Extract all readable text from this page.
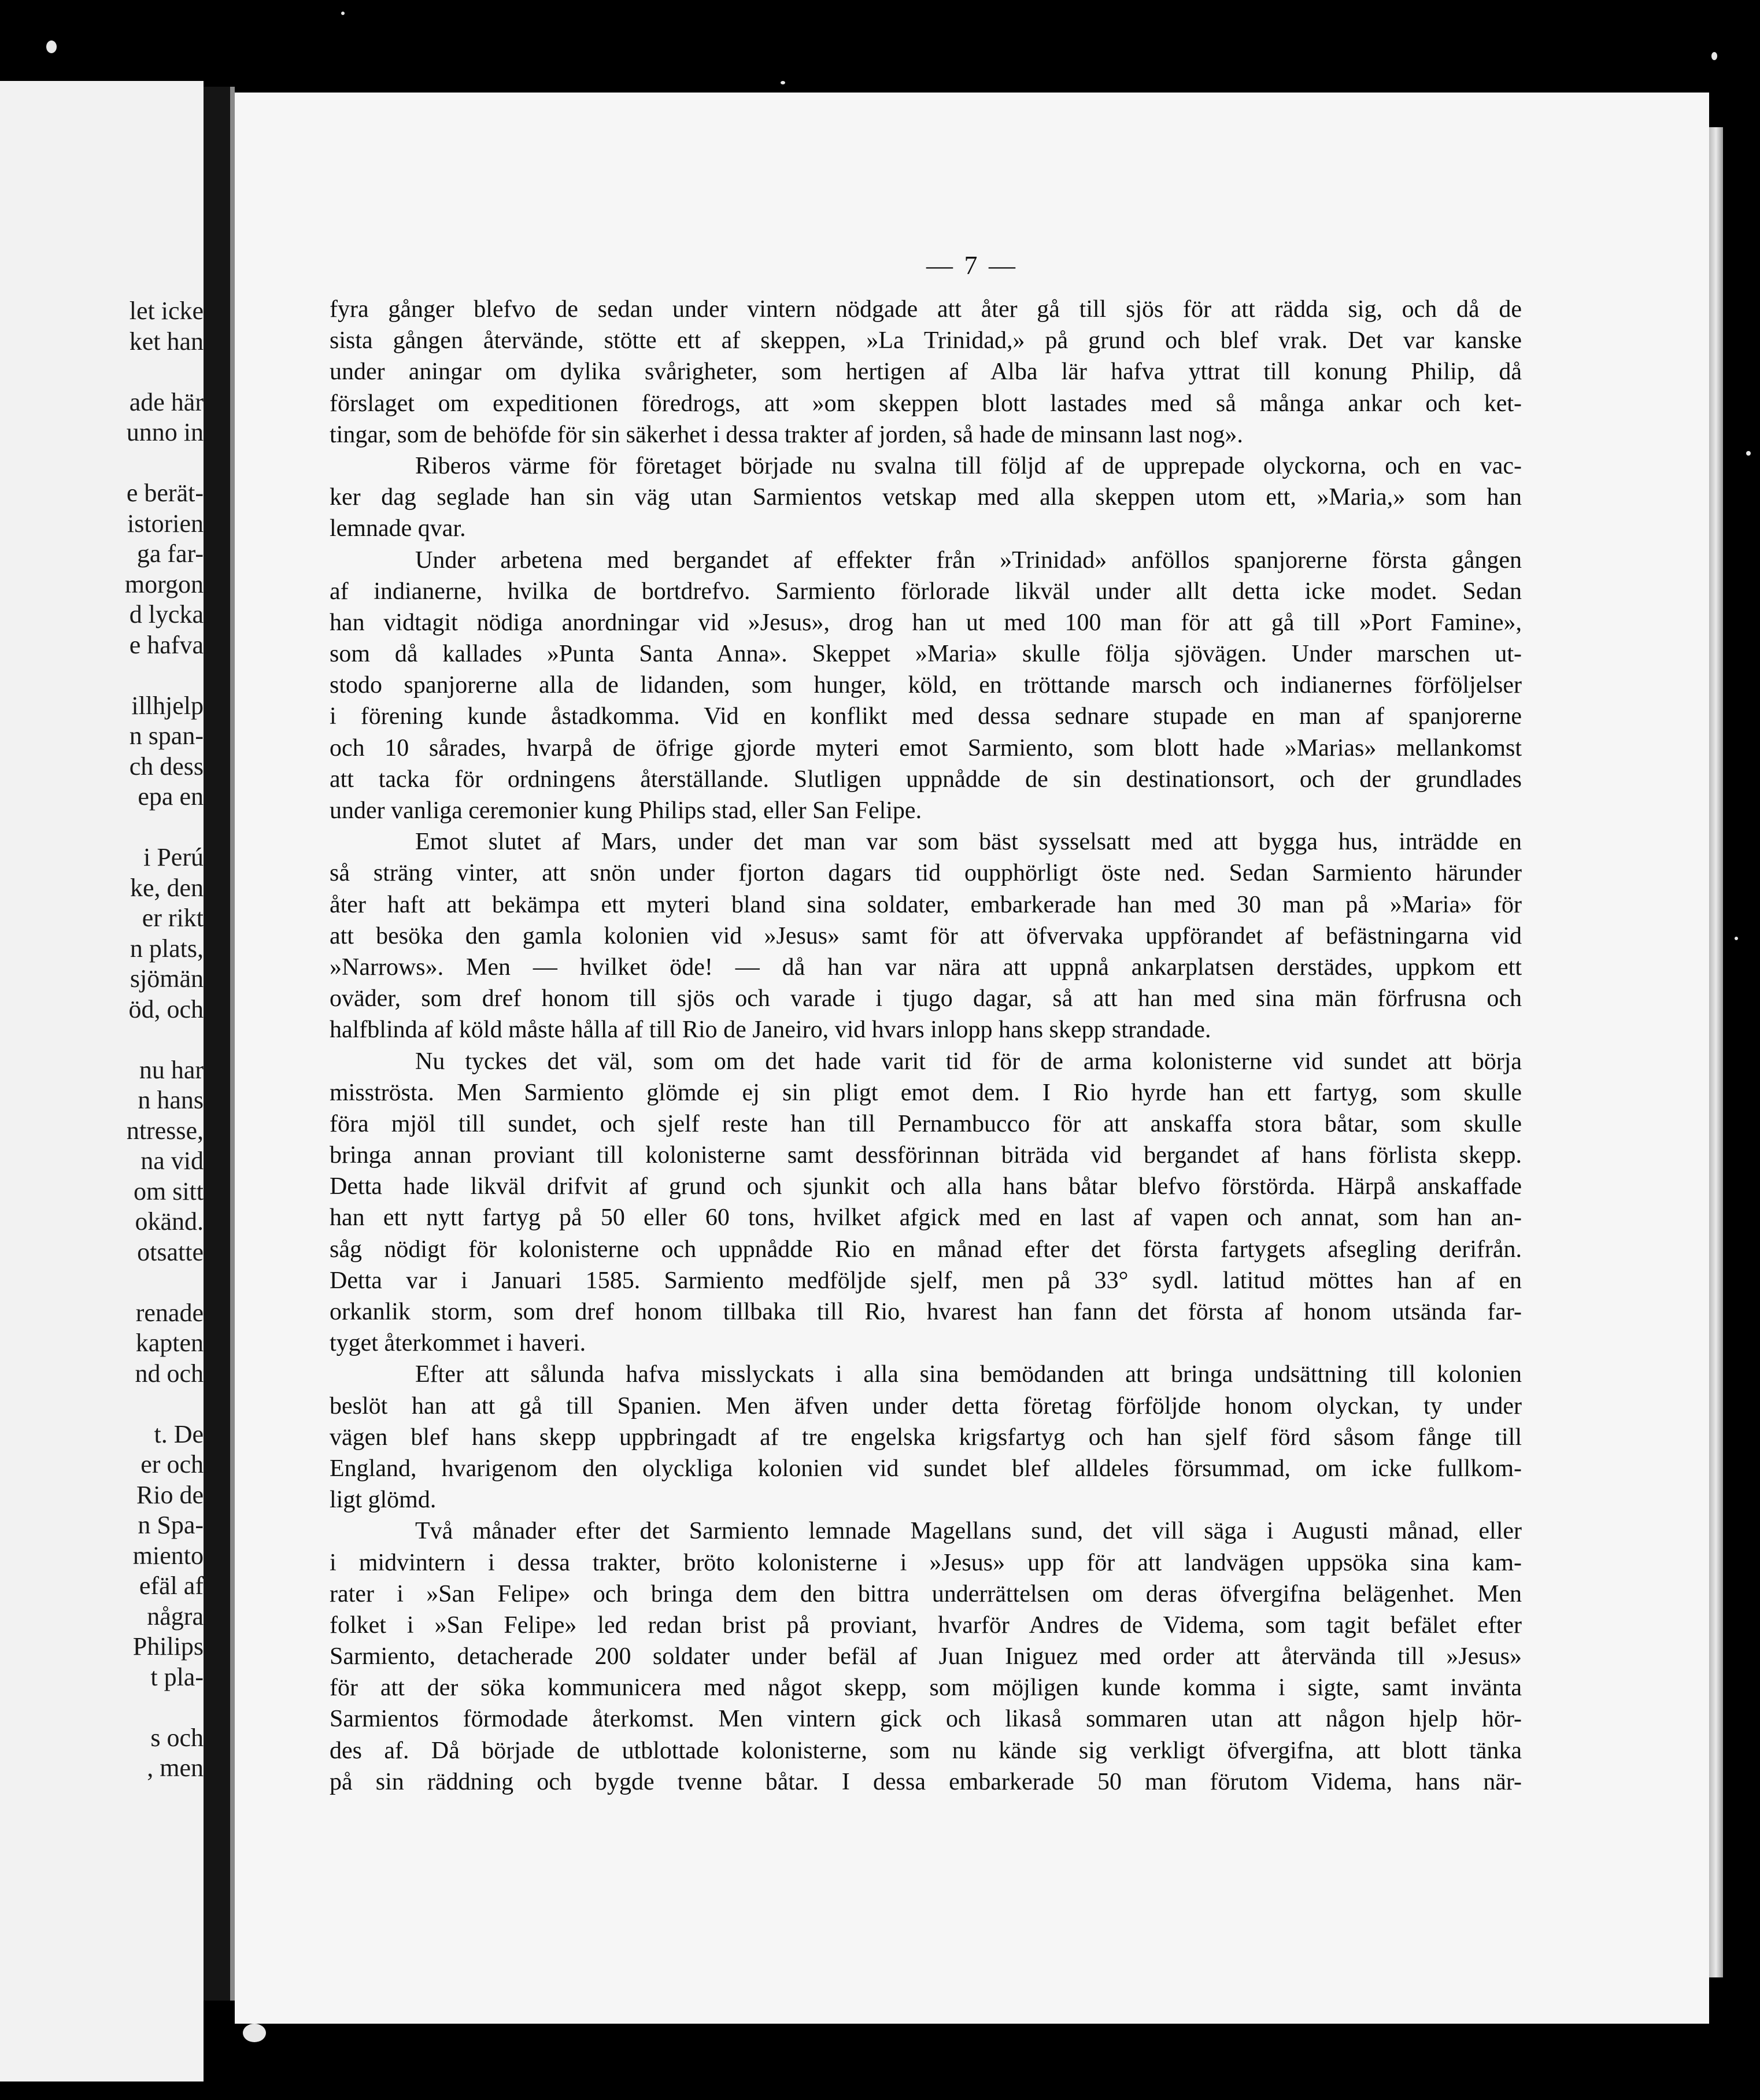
let icke
ket han
ade här
unno in
e berät-
istorien
ga far-
morgon
d lycka
e hafva
illhjelp
n span-
ch dess
epa en
i Perú
ke, den
er rikt
n plats,
sjömän
öd, och
nu har
n hans
ntresse,
na vid
om sitt
okänd.
otsatte
renade
kapten
nd och
t. De
er och
Rio de
n Spa-
miento
efäl af
några
Philips
t pla-
s och
, men
— 7 —
fyra gånger blefvo de sedan under vintern nödgade att åter gå till sjös för att rädda sig, och då de
sista gången återvände, stötte ett af skeppen, »La Trinidad,» på grund och blef vrak. Det var kanske
under aningar om dylika svårigheter, som hertigen af Alba lär hafva yttrat till konung Philip, då
förslaget om expeditionen föredrogs, att »om skeppen blott lastades med så många ankar och ket-
tingar, som de behöfde för sin säkerhet i dessa trakter af jorden, så hade de minsann last nog».
Riberos värme för företaget började nu svalna till följd af de upprepade olyckorna, och en vac-
ker dag seglade han sin väg utan Sarmientos vetskap med alla skeppen utom ett, »Maria,» som han
lemnade qvar.
Under arbetena med bergandet af effekter från »Trinidad» anföllos spanjorerne första gången
af indianerne, hvilka de bortdrefvo. Sarmiento förlorade likväl under allt detta icke modet. Sedan
han vidtagit nödiga anordningar vid »Jesus», drog han ut med 100 man för att gå till »Port Famine»,
som då kallades »Punta Santa Anna». Skeppet »Maria» skulle följa sjövägen. Under marschen ut-
stodo spanjorerne alla de lidanden, som hunger, köld, en tröttande marsch och indianernes förföljelser
i förening kunde åstadkomma. Vid en konflikt med dessa sednare stupade en man af spanjorerne
och 10 sårades, hvarpå de öfrige gjorde myteri emot Sarmiento, som blott hade »Marias» mellankomst
att tacka för ordningens återställande. Slutligen uppnådde de sin destinationsort, och der grundlades
under vanliga ceremonier kung Philips stad, eller San Felipe.
Emot slutet af Mars, under det man var som bäst sysselsatt med att bygga hus, inträdde en
så sträng vinter, att snön under fjorton dagars tid oupphörligt öste ned. Sedan Sarmiento härunder
åter haft att bekämpa ett myteri bland sina soldater, embarkerade han med 30 man på »Maria» för
att besöka den gamla kolonien vid »Jesus» samt för att öfvervaka uppförandet af befästningarna vid
»Narrows». Men — hvilket öde! — då han var nära att uppnå ankarplatsen derstädes, uppkom ett
oväder, som dref honom till sjös och varade i tjugo dagar, så att han med sina män förfrusna och
halfblinda af köld måste hålla af till Rio de Janeiro, vid hvars inlopp hans skepp strandade.
Nu tyckes det väl, som om det hade varit tid för de arma kolonisterne vid sundet att börja
misströsta. Men Sarmiento glömde ej sin pligt emot dem. I Rio hyrde han ett fartyg, som skulle
föra mjöl till sundet, och sjelf reste han till Pernambucco för att anskaffa stora båtar, som skulle
bringa annan proviant till kolonisterne samt dessförinnan biträda vid bergandet af hans förlista skepp.
Detta hade likväl drifvit af grund och sjunkit och alla hans båtar blefvo förstörda. Härpå anskaffade
han ett nytt fartyg på 50 eller 60 tons, hvilket afgick med en last af vapen och annat, som han an-
såg nödigt för kolonisterne och uppnådde Rio en månad efter det första fartygets afsegling derifrån.
Detta var i Januari 1585. Sarmiento medföljde sjelf, men på 33° sydl. latitud möttes han af en
orkanlik storm, som dref honom tillbaka till Rio, hvarest han fann det första af honom utsända far-
tyget återkommet i haveri.
Efter att sålunda hafva misslyckats i alla sina bemödanden att bringa undsättning till kolonien
beslöt han att gå till Spanien. Men äfven under detta företag förföljde honom olyckan, ty under
vägen blef hans skepp uppbringadt af tre engelska krigsfartyg och han sjelf förd såsom fånge till
England, hvarigenom den olyckliga kolonien vid sundet blef alldeles försummad, om icke fullkom-
ligt glömd.
Två månader efter det Sarmiento lemnade Magellans sund, det vill säga i Augusti månad, eller
i midvintern i dessa trakter, bröto kolonisterne i »Jesus» upp för att landvägen uppsöka sina kam-
rater i »San Felipe» och bringa dem den bittra underrättelsen om deras öfvergifna belägenhet. Men
folket i »San Felipe» led redan brist på proviant, hvarför Andres de Videma, som tagit befälet efter
Sarmiento, detacherade 200 soldater under befäl af Juan Iniguez med order att återvända till »Jesus»
för att der söka kommunicera med något skepp, som möjligen kunde komma i sigte, samt invänta
Sarmientos förmodade återkomst. Men vintern gick och likaså sommaren utan att någon hjelp hör-
des af. Då började de utblottade kolonisterne, som nu kände sig verkligt öfvergifna, att blott tänka
på sin räddning och bygde tvenne båtar. I dessa embarkerade 50 man förutom Videma, hans när-
